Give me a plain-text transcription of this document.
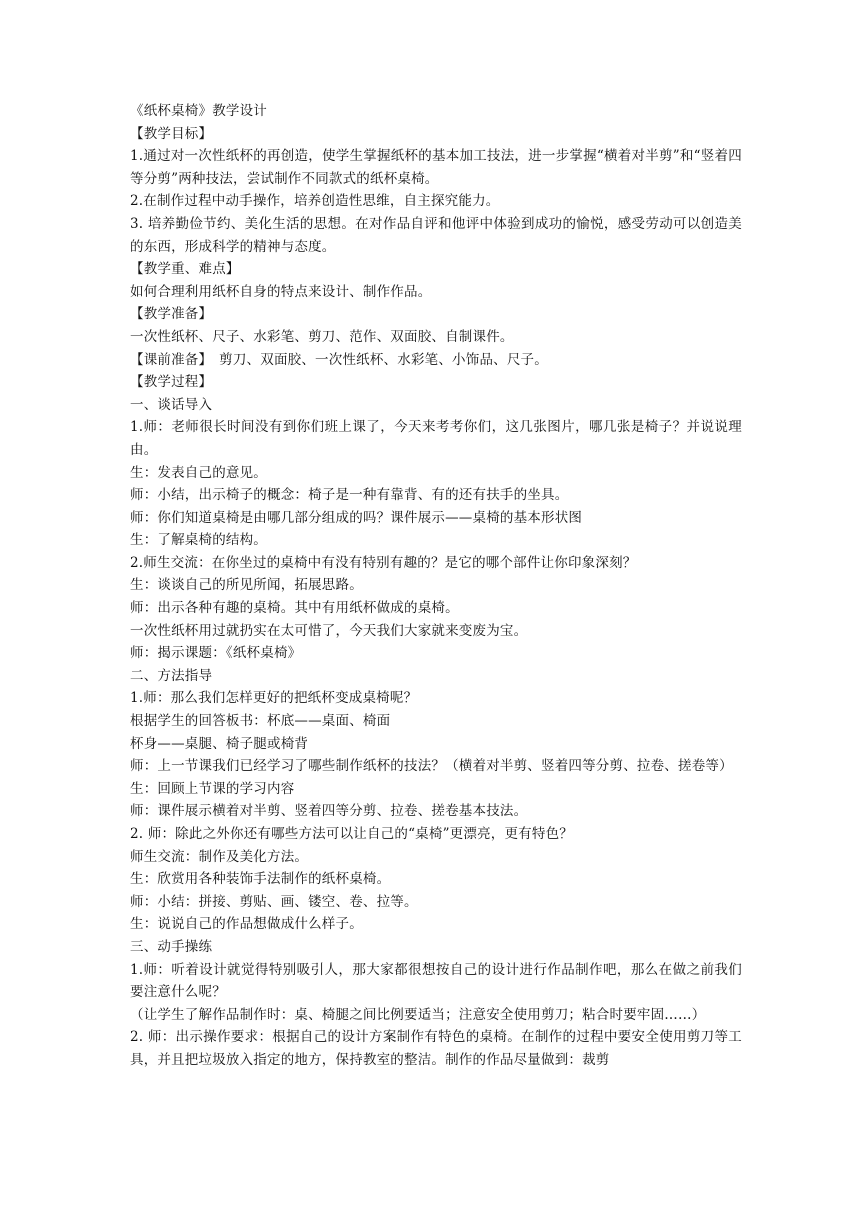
《纸杯桌椅》教学设计

【教学目标】

1.通过对一次性纸杯的再创造，使学生掌握纸杯的基本加工技法，进一步掌握“横着对半剪”和“竖着四等分剪”两种技法，尝试制作不同款式的纸杯桌椅。

2.在制作过程中动手操作，培养创造性思维，自主探究能力。

3. 培养勤俭节约、美化生活的思想。在对作品自评和他评中体验到成功的愉悦，感受劳动可以创造美的东西，形成科学的精神与态度。

【教学重、难点】

如何合理利用纸杯自身的特点来设计、制作作品。

【教学准备】

一次性纸杯、尺子、水彩笔、剪刀、范作、双面胶、自制课件。

【课前准备】　剪刀、双面胶、一次性纸杯、水彩笔、小饰品、尺子。

【教学过程】

一、谈话导入

1.师：老师很长时间没有到你们班上课了，今天来考考你们，这几张图片，哪几张是椅子？并说说理由。

生：发表自己的意见。

师：小结，出示椅子的概念：椅子是一种有靠背、有的还有扶手的坐具。

师：你们知道桌椅是由哪几部分组成的吗？课件展示——桌椅的基本形状图

生：了解桌椅的结构。

2.师生交流：在你坐过的桌椅中有没有特别有趣的？是它的哪个部件让你印象深刻？

生：谈谈自己的所见所闻，拓展思路。

师：出示各种有趣的桌椅。其中有用纸杯做成的桌椅。

一次性纸杯用过就扔实在太可惜了，今天我们大家就来变废为宝。

师：揭示课题：《纸杯桌椅》

二、方法指导

1.师：那么我们怎样更好的把纸杯变成桌椅呢？

根据学生的回答板书：杯底——桌面、椅面

杯身——桌腿、椅子腿或椅背

师：上一节课我们已经学习了哪些制作纸杯的技法？（横着对半剪、竖着四等分剪、拉卷、搓卷等）

生：回顾上节课的学习内容

师：课件展示横着对半剪、竖着四等分剪、拉卷、搓卷基本技法。

2. 师：除此之外你还有哪些方法可以让自己的“桌椅”更漂亮，更有特色？

师生交流：制作及美化方法。

生：欣赏用各种装饰手法制作的纸杯桌椅。

师：小结：拼接、剪贴、画、镂空、卷、拉等。

生：说说自己的作品想做成什么样子。

三、动手操练

1.师：听着设计就觉得特别吸引人，那大家都很想按自己的设计进行作品制作吧，那么在做之前我们要注意什么呢？

（让学生了解作品制作时：桌、椅腿之间比例要适当；注意安全使用剪刀；粘合时要牢固……）

2. 师：出示操作要求：根据自己的设计方案制作有特色的桌椅。在制作的过程中要安全使用剪刀等工具，并且把垃圾放入指定的地方，保持教室的整洁。制作的作品尽量做到：裁剪
